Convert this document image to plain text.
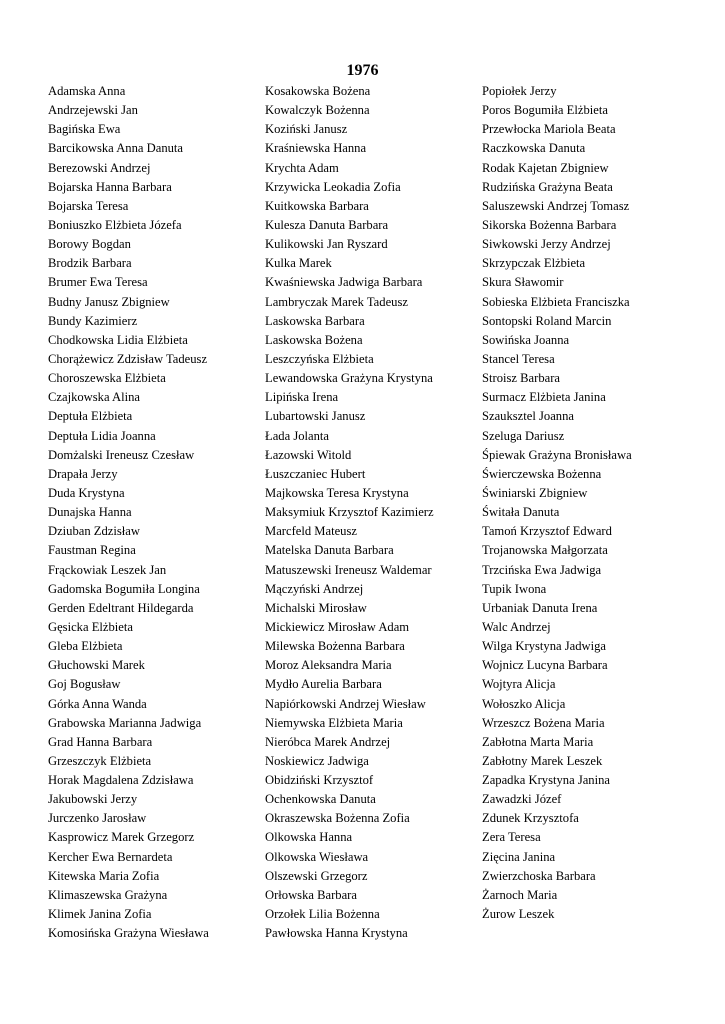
1976
Adamska Anna
Andrzejewski Jan
Bagińska Ewa
Barcikowska Anna Danuta
Berezowski Andrzej
Bojarska Hanna Barbara
Bojarska Teresa
Boniuszko Elżbieta Józefa
Borowy Bogdan
Brodzik Barbara
Brumer Ewa Teresa
Budny Janusz Zbigniew
Bundy Kazimierz
Chodkowska Lidia Elżbieta
Chorążewicz Zdzisław Tadeusz
Choroszewska Elżbieta
Czajkowska Alina
Deptuła Elżbieta
Deptuła Lidia Joanna
Domżalski Ireneusz Czesław
Drapała Jerzy
Duda Krystyna
Dunajska Hanna
Dziuban Zdzisław
Faustman Regina
Frąckowiak Leszek Jan
Gadomska Bogumiła Longina
Gerden Edeltrant Hildegarda
Gęsicka Elżbieta
Gleba Elżbieta
Głuchowski Marek
Goj Bogusław
Górka Anna Wanda
Grabowska Marianna Jadwiga
Grad Hanna Barbara
Grzeszczyk Elżbieta
Horak Magdalena Zdzisława
Jakubowski Jerzy
Jurczenko Jarosław
Kasprowicz Marek Grzegorz
Kercher Ewa Bernardeta
Kitewska Maria Zofia
Klimaszewska Grażyna
Klimek Janina Zofia
Komosińska Grażyna Wiesława
Kosakowska Bożena
Kowalczyk Bożenna
Koziński Janusz
Kraśniewska Hanna
Krychta Adam
Krzywicka Leokadia Zofia
Kuitkowska Barbara
Kulesza Danuta Barbara
Kulikowski Jan Ryszard
Kulka Marek
Kwaśniewska Jadwiga Barbara
Lambryczak Marek Tadeusz
Laskowska Barbara
Laskowska Bożena
Leszczyńska Elżbieta
Lewandowska Grażyna Krystyna
Lipińska Irena
Lubartowski Janusz
Łada Jolanta
Łazowski Witold
Łuszczaniec Hubert
Majkowska Teresa Krystyna
Maksymiuk Krzysztof Kazimierz
Marcfeld Mateusz
Matelska Danuta Barbara
Matuszewski Ireneusz Waldemar
Mączyński Andrzej
Michalski Mirosław
Mickiewicz Mirosław Adam
Milewska Bożenna Barbara
Moroz Aleksandra Maria
Mydło Aurelia Barbara
Napiórkowski Andrzej Wiesław
Niemywska Elżbieta Maria
Nieróbca Marek Andrzej
Noskiewicz Jadwiga
Obidziński Krzysztof
Ochenkowska Danuta
Okraszewska Bożenna Zofia
Olkowska Hanna
Olkowska Wiesława
Olszewski Grzegorz
Orłowska Barbara
Orzołek Lilia Bożenna
Pawłowska Hanna Krystyna
Popiołek Jerzy
Poros Bogumiła Elżbieta
Przewłocka Mariola Beata
Raczkowska Danuta
Rodak Kajetan Zbigniew
Rudzińska Grażyna Beata
Saluszewski Andrzej Tomasz
Sikorska Bożenna Barbara
Siwkowski Jerzy Andrzej
Skrzypczak Elżbieta
Skura Sławomir
Sobieska Elżbieta Franciszka
Sontopski Roland Marcin
Sowińska Joanna
Stancel Teresa
Stroisz Barbara
Surmacz Elżbieta Janina
Szauksztel Joanna
Szeluga Dariusz
Śpiewak Grażyna Bronisława
Świerczewska Bożenna
Świniarski Zbigniew
Świtała Danuta
Tamoń Krzysztof Edward
Trojanowska Małgorzata
Trzcińska Ewa Jadwiga
Tupik Iwona
Urbaniak Danuta Irena
Walc Andrzej
Wilga Krystyna Jadwiga
Wojnicz Lucyna Barbara
Wojtyra Alicja
Wołoszko Alicja
Wrzeszcz Bożena Maria
Zabłotna Marta Maria
Zabłotny Marek Leszek
Zapadka Krystyna Janina
Zawadzki Józef
Zdunek Krzysztofa
Zera Teresa
Zięcina Janina
Zwierzchoska Barbara
Żarnoch Maria
Żurow Leszek
